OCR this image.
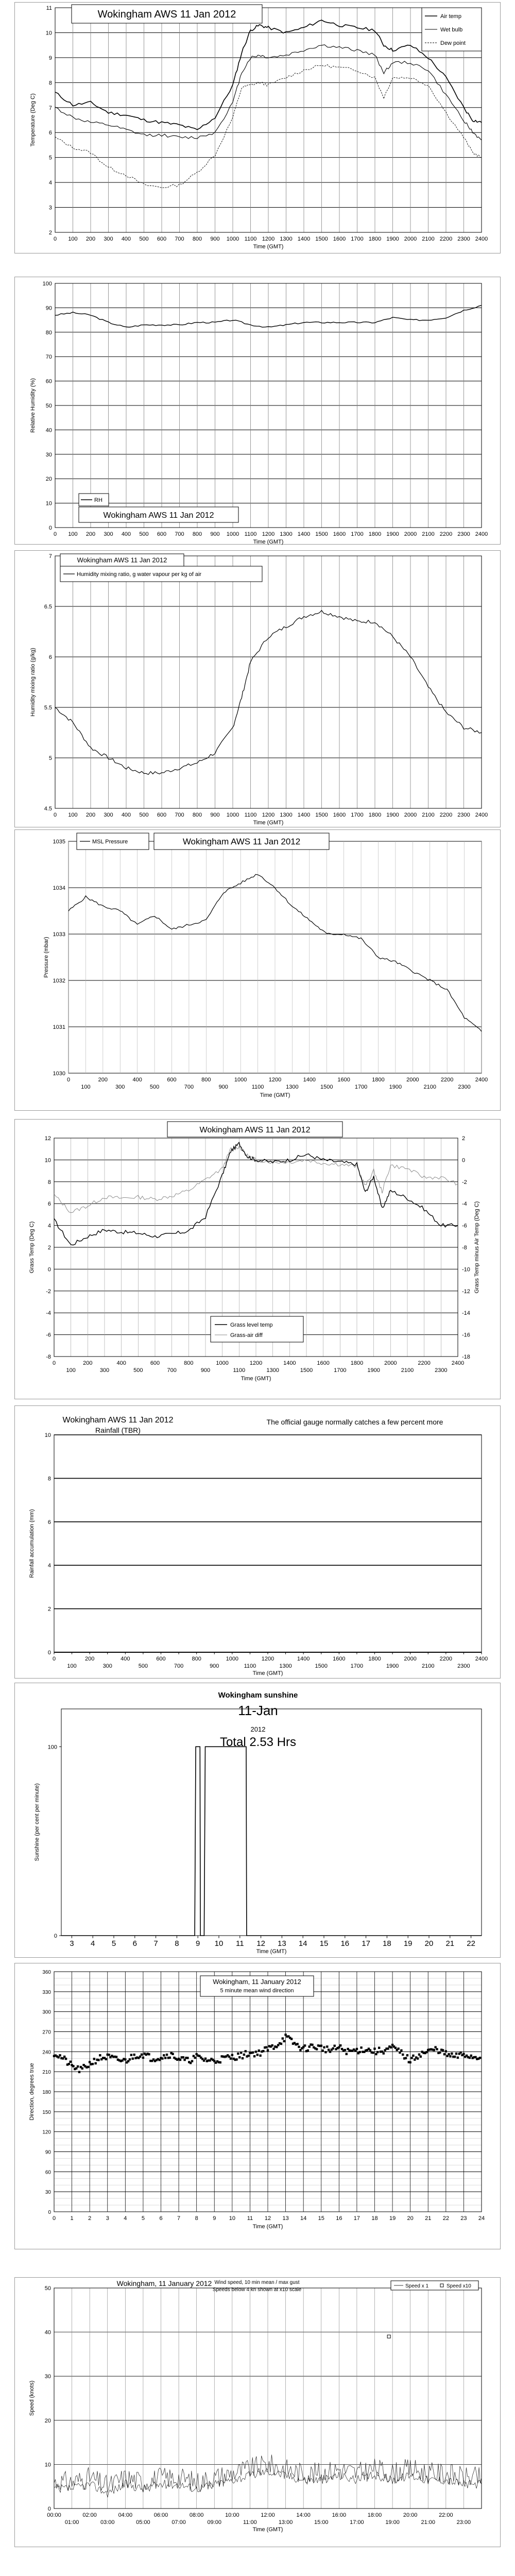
2
3
4
5
6
7
8
9
10
11
0 100 200 300 400 500 600 700 800 900 1000 1100 1200 1300 1400 1500 1600 1700 1800 1900 2000 2100 2200 2300 2400
Time (GMT)
Temperature (Deg C)
Wokingham AWS 11 Jan 2012	Air temp
Wet bulb
Dew point
0
10
20
30
40
50
60
70
80
90
100
0 100 200 300 400 500 600 700 800 900 1000 1100 1200 1300 1400 1500 1600 1700 1800 1900 2000 2100 2200 2300 2400
Time (GMT)
Relative Humidity (%)
RH
Wokingham AWS 11 Jan 2012
4.5
5
5.5
6
6.5
7
0 100 200 300 400 500 600 700 800 900 1000 1100 1200 1300 1400 1500 1600 1700 1800 1900 2000 2100 2200 2300 2400
Time (GMT)
Humidity mixing ratio (g/kg)
Humidity mixing ratio, g water vapour per kg of air
Wokingham AWS 11 Jan 2012
1030
1031
1032
1033
1034
1035
Pressure (mbar)
0
100
200
300
400
500
600
700
800
900
1000
1100
1200
1300
1400
1500
1600
1700
1800
1900
2000
2100
2200
2300
2400
Time (GMT)
MSL Pressure	Wokingham AWS 11 Jan 2012
-8	-18
-6	-16
-4	-14
-2	-12
0	-10
2	-8
4	-6
6	-4
8	-2
10	0
12	2
0
100
200
300
400
500
600
700
800
900
1000
1100
1200
1300
1400
1500
1600
1700
1800
1900
2000
2100
2200
2300
2400
Time (GMT)
Grass Temp (Deg C)	Grass Temp minus Air Temp (Deg C)
Wokingham AWS 11 Jan 2012
Grass level temp
Grass-air diff
0
2
4
6
8
10
Rainfall accumulation (mm)
0
100
200
300
400
500
600
700
800
900
1000
1100
1200
1300
1400
1500
1600
1700
1800
1900
2000
2100
2200
2300
2400
Time (GMT)
Wokingham AWS 11 Jan 2012
Rainfall (TBR)
The official gauge normally catches a few percent more
0
100
3 4 5 6 7 8 9 10 11 12 13 14 15 16 17 18 19 20 21 22
Time (GMT)
Sunshine (per cent per minute)
Wokingham sunshine
11-Jan
2012
Total 2.53 Hrs
0
30
60
90
120
150
180
210
240
270
300
330
360
0	1	2	3	4	5	6	7	8	9 10 11 12 13 14 15 16 17 18 19 20 21 22 23 24
Time (GMT)
Direction, degrees true
Wokingham, 11 January 2012
5 minute mean wind direction
0
10
20
30
40
50
00:00	02:00	04:00	06:00	08:00	10:00	12:00	14:00	16:00	18:00	20:00	22:00
01:00	03:00	05:00	07:00	09:00	11:00	13:00	15:00	17:00	19:00	21:00	23:00
Time (GMT)
Speed (knots)
Wokingham, 11 January 2012 Wind speed, 10 min mean / max gust
Speeds below 4 kn shown at x10 scale
Speed x 1	Speed x10
